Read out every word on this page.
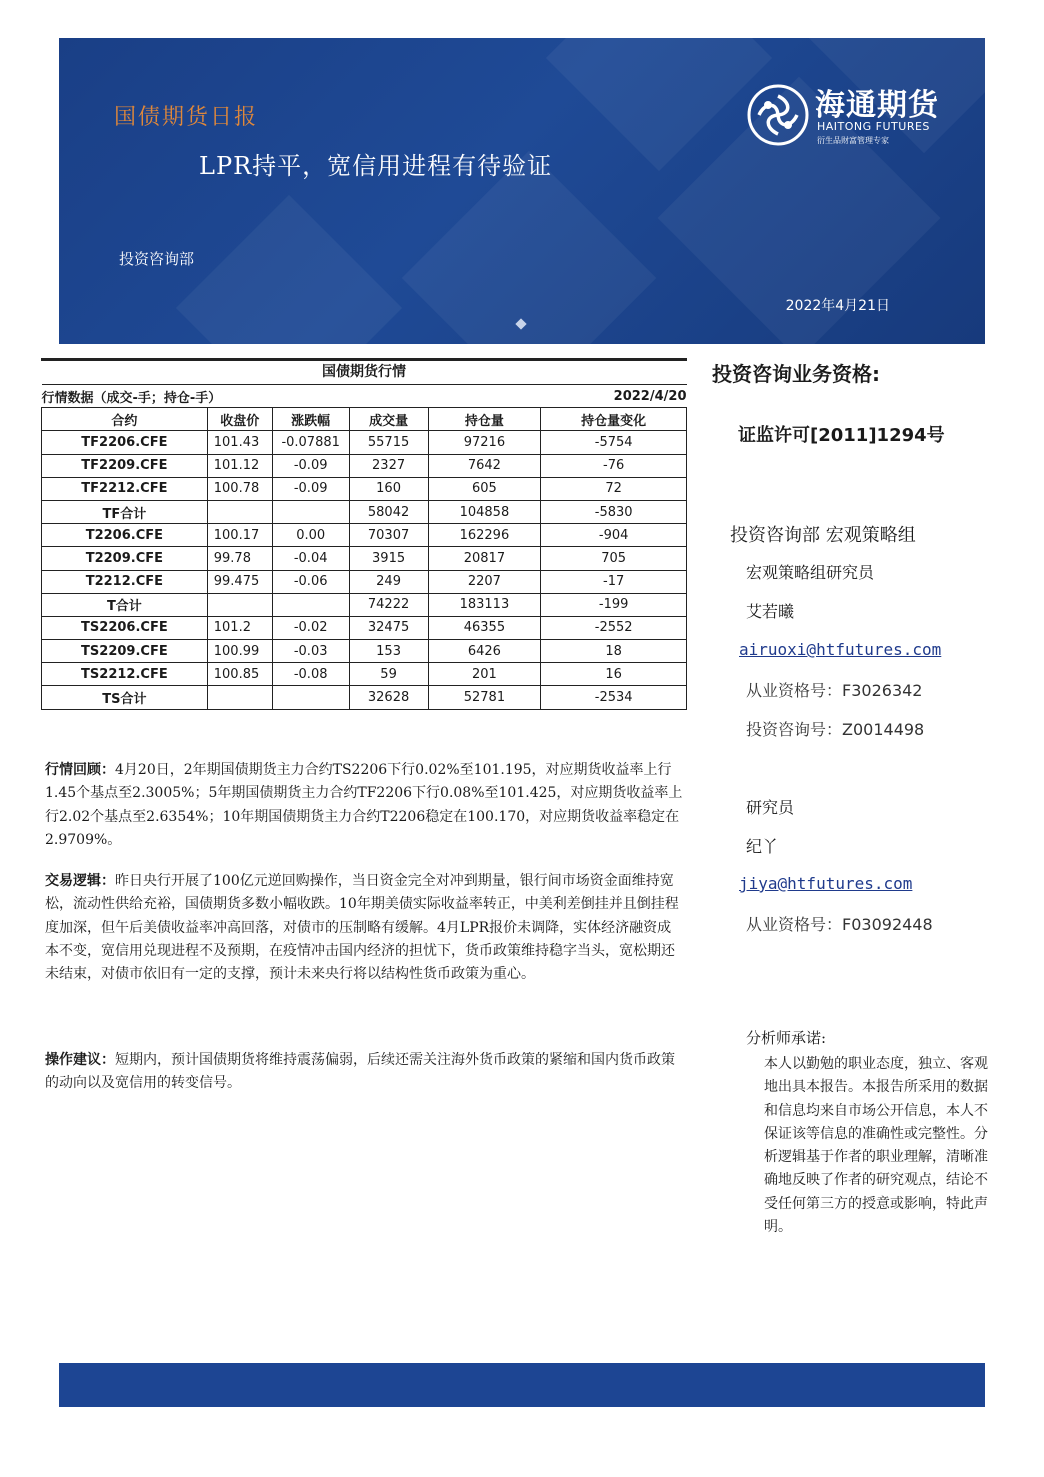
国债期货日报
LPR持平，宽信用进程有待验证
投资咨询部
2022年4月21日
海通期货
HAITONG FUTURES
衍生品财富管理专家
国债期货行情					
行情数据（成交-手；持仓-手）				2022/4/20	
合约	收盘价	涨跌幅	成交量	持仓量	持仓量变化
TF2206.CFE	101.43	-0.07881	55715	97216	-5754
TF2209.CFE	101.12	-0.09	2327	7642	-76
TF2212.CFE	100.78	-0.09	160	605	72
TF合计			58042	104858	-5830
T2206.CFE	100.17	0.00	70307	162296	-904
T2209.CFE	99.78	-0.04	3915	20817	705
T2212.CFE	99.475	-0.06	249	2207	-17
T合计			74222	183113	-199
TS2206.CFE	101.2	-0.02	32475	46355	-2552
TS2209.CFE	100.99	-0.03	153	6426	18
TS2212.CFE	100.85	-0.08	59	201	16
TS合计			32628	52781	-2534
行情回顾：4月20日，2年期国债期货主力合约TS2206下行0.02%至101.195，对应期货收益率上行1.45个基点至2.3005%；5年期国债期货主力合约TF2206下行0.08%至101.425，对应期货收益率上行2.02个基点至2.6354%；10年期国债期货主力合约T2206稳定在100.170，对应期货收益率稳定在2.9709%。
交易逻辑：昨日央行开展了100亿元逆回购操作，当日资金完全对冲到期量，银行间市场资金面维持宽松，流动性供给充裕，国债期货多数小幅收跌。10年期美债实际收益率转正，中美利差倒挂并且倒挂程度加深，但午后美债收益率冲高回落，对债市的压制略有缓解。4月LPR报价未调降，实体经济融资成本不变，宽信用兑现进程不及预期，在疫情冲击国内经济的担忧下，货币政策维持稳字当头，宽松期还未结束，对债市依旧有一定的支撑，预计未来央行将以结构性货币政策为重心。
操作建议：短期内，预计国债期货将维持震荡偏弱，后续还需关注海外货币政策的紧缩和国内货币政策的动向以及宽信用的转变信号。
投资咨询业务资格:
证监许可[2011]1294号
投资咨询部 宏观策略组
宏观策略组研究员
艾若曦
airuoxi@htfutures.com
从业资格号：F3026342
投资咨询号：Z0014498
研究员
纪丫
jiya@htfutures.com
从业资格号：F03092448
分析师承诺:
本人以勤勉的职业态度，独立、客观地出具本报告。本报告所采用的数据和信息均来自市场公开信息，本人不保证该等信息的准确性或完整性。分析逻辑基于作者的职业理解，清晰准确地反映了作者的研究观点，结论不受任何第三方的授意或影响，特此声明。
